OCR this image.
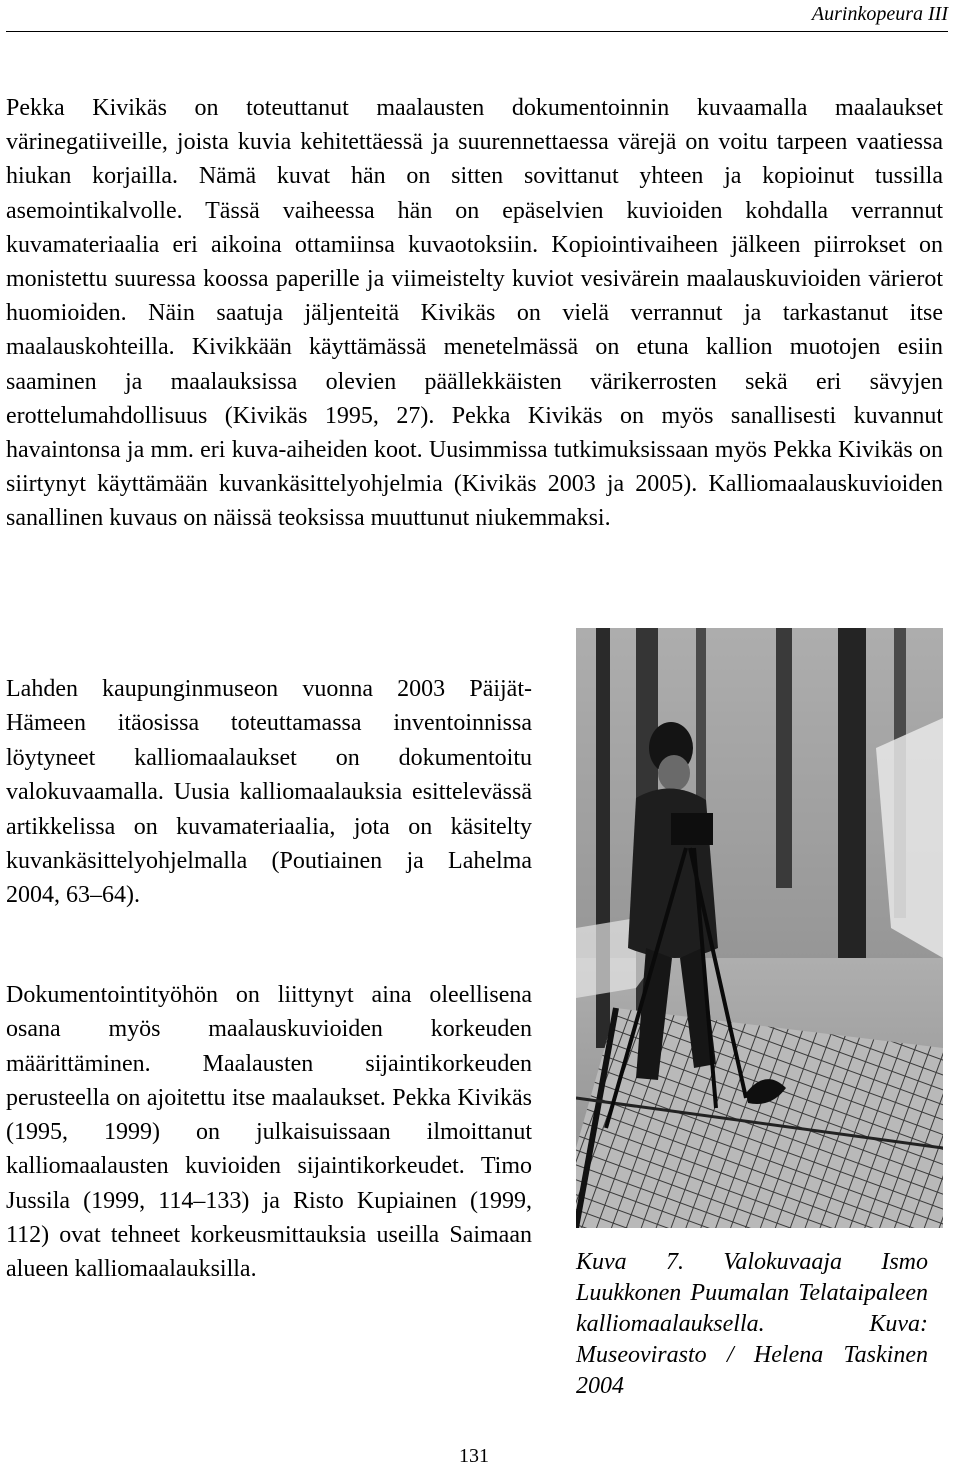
Aurinkopeura III

Pekka Kivikäs on toteuttanut maalausten dokumentoinnin kuvaamalla maalaukset värinegatiiveille, joista kuvia kehitettäessä ja suurennettaessa värejä on voitu tarpeen vaatiessa hiukan korjailla. Nämä kuvat hän on sitten sovittanut yhteen ja kopioinut tussilla asemointikalvolle. Tässä vaiheessa hän on epäselvien kuvioiden kohdalla verrannut kuvamateriaalia eri aikoina ottamiinsa kuvaotoksiin. Kopiointivaiheen jälkeen piirrokset on monistettu suuressa koossa paperille ja viimeistelty kuviot vesivärein maalauskuvioiden värierot huomioiden. Näin saatuja jäljenteitä Kivikäs on vielä verrannut ja tarkastanut itse maalauskohteilla. Kivikkään käyttämässä menetelmässä on etuna kallion muotojen esiin saaminen ja maalauksissa olevien päällekkäisten värikerrosten sekä eri sävyjen erottelumahdollisuus (Kivikäs 1995, 27). Pekka Kivikäs on myös sanallisesti kuvannut havaintonsa ja mm. eri kuva-aiheiden koot. Uusimmissa tutkimuksissaan myös Pekka Kivikäs on siirtynyt käyttämään kuvankäsittelyohjelmia (Kivikäs 2003 ja 2005). Kalliomaalauskuvioiden sanallinen kuvaus on näissä teoksissa muuttunut niukemmaksi.

Lahden kaupunginmuseon vuonna 2003 Päijät-Hämeen itäosissa toteuttamassa inventoinnissa löytyneet kalliomaalaukset on dokumentoitu valokuvaamalla. Uusia kalliomaalauksia esittelevässä artikkelissa on kuvamateriaalia, jota on käsitelty kuvankäsittelyohjelmalla (Poutiainen ja Lahelma 2004, 63–64).

Dokumentointityöhön on liittynyt aina oleellisena osana myös maalauskuvioiden korkeuden määrittäminen. Maalausten sijaintikorkeuden perusteella on ajoitettu itse maalaukset. Pekka Kivikäs (1995, 1999) on julkaisuissaan ilmoittanut kalliomaalausten kuvioiden sijaintikorkeudet. Timo Jussila (1999, 114–133) ja Risto Kupiainen (1999, 112) ovat tehneet korkeusmittauksia useilla Saimaan alueen kalliomaalauksilla.	Kuva 7. Valokuvaaja Ismo Luukkonen Puumalan Telataipaleen kalliomaalauksella. Kuva: Museovirasto / Helena Taskinen 2004

131
